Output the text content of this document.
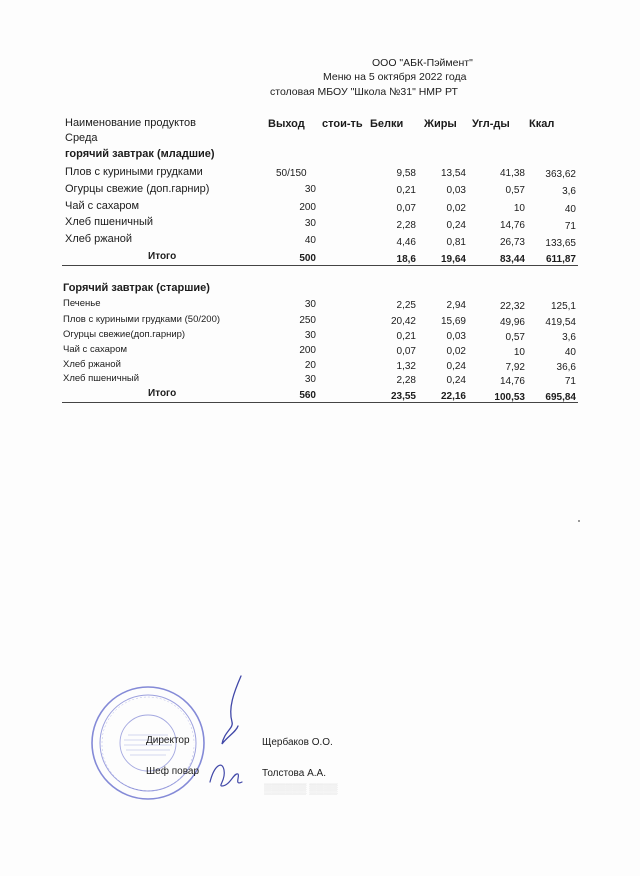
ООО "АБК-Пэймент"
Меню на 5 октября 2022 года
столовая МБОУ "Школа №31" НМР РТ
Наименование продуктов	Выход стои-ть Белки Жиры Угл-ды Ккал
Среда
горячий завтрак (младшие)
Плов с куриными грудками	50/150	9,58	13,54	41,38	363,62
Огурцы свежие (доп.гарнир)	30	0,21	0,03	0,57	3,6
Чай с сахаром	200	0,07	0,02	10	40
Хлеб пшеничный	30	2,28	0,24	14,76	71
Хлеб ржаной	40	4,46	0,81	26,73	133,65
Итого	500	18,6	19,64	83,44	611,87
Горячий завтрак (старшие)
Печенье	30	2,25	2,94	22,32	125,1
Плов с куриными грудками (50/200)	250	20,42	15,69	49,96	419,54
Огурцы свежие(доп.гарнир)	30	0,21	0,03	0,57	3,6
Чай с сахаром	200	0,07	0,02	10	40
Хлеб ржаной	20	1,32	0,24	7,92	36,6
Хлеб пшеничный	30	2,28	0,24	14,76	71
Итого	560	23,55	22,16	100,53	695,84
▒▒▒▒▒▒ ▒▒▒▒
Директор	Щербаков О.О.
Шеф повар	Толстова А.А.
